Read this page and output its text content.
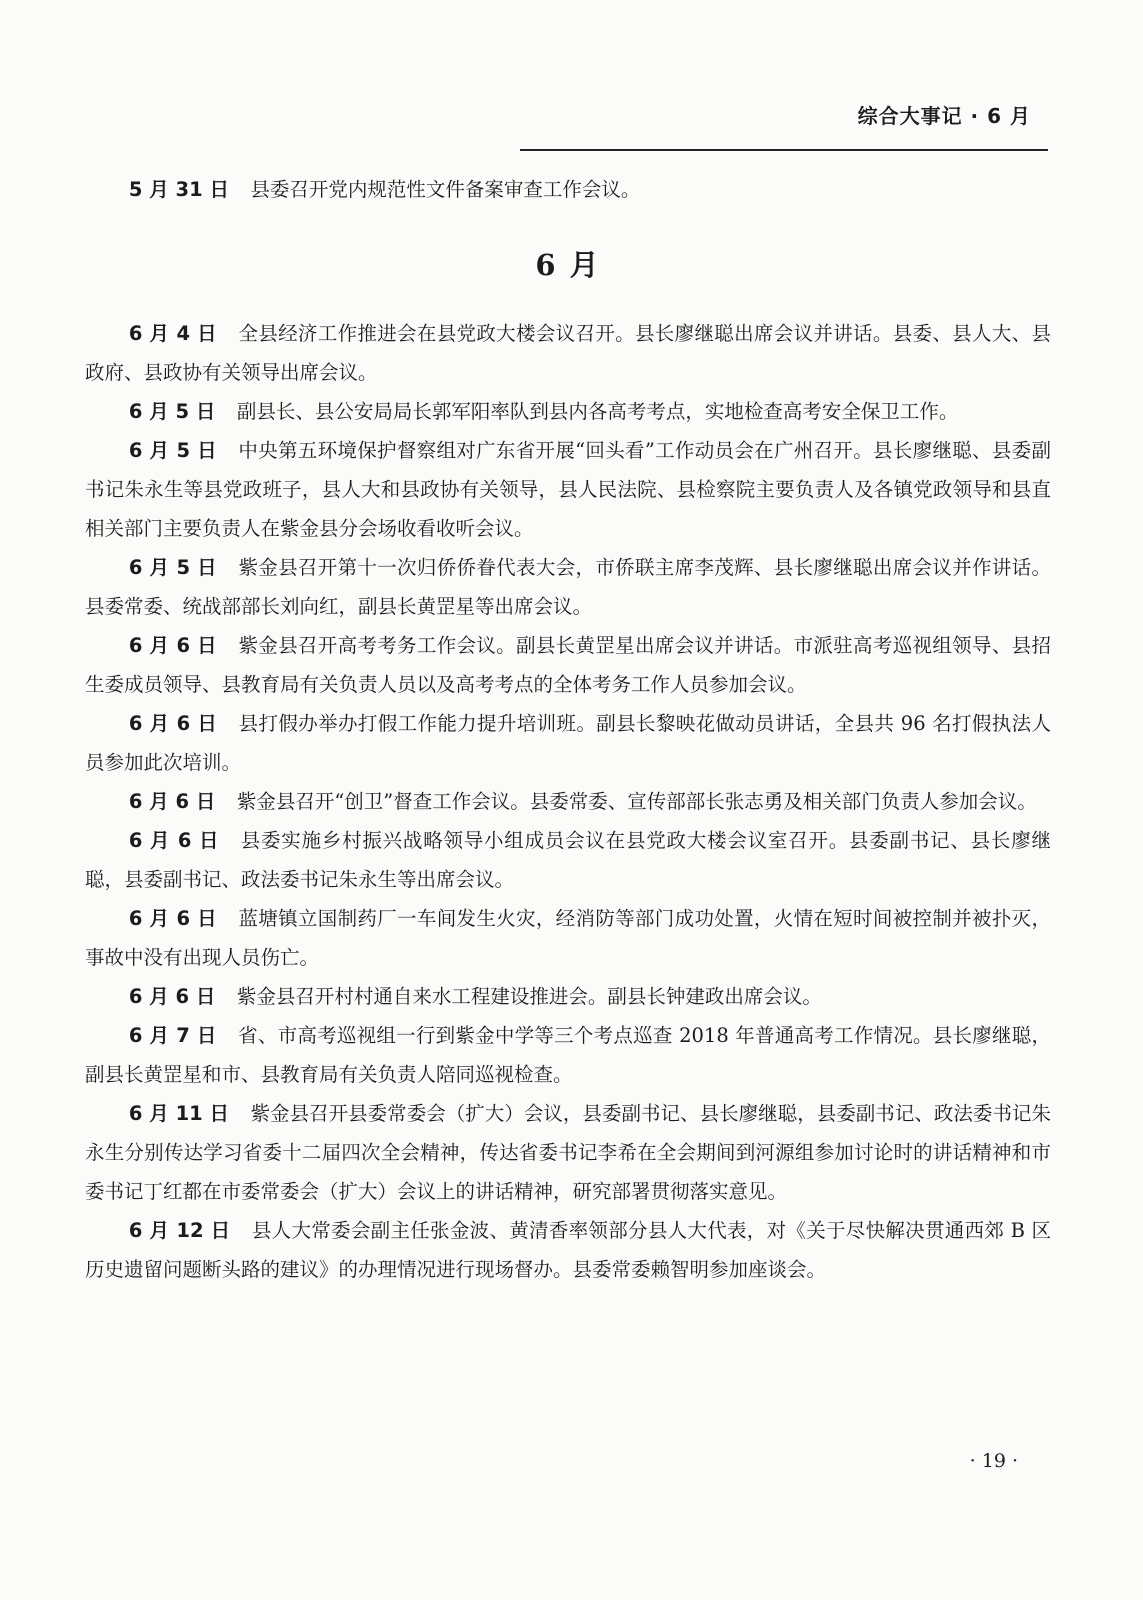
综合大事记 · 6 月

5 月 31 日 县委召开党内规范性文件备案审查工作会议。

6 月

6 月 4 日 全县经济工作推进会在县党政大楼会议召开。县长廖继聪出席会议并讲话。县委、县人大、县政府、县政协有关领导出席会议。

6 月 5 日 副县长、县公安局局长郭军阳率队到县内各高考考点，实地检查高考安全保卫工作。

6 月 5 日 中央第五环境保护督察组对广东省开展“回头看”工作动员会在广州召开。县长廖继聪、县委副书记朱永生等县党政班子，县人大和县政协有关领导，县人民法院、县检察院主要负责人及各镇党政领导和县直相关部门主要负责人在紫金县分会场收看收听会议。

6 月 5 日 紫金县召开第十一次归侨侨眷代表大会，市侨联主席李茂辉、县长廖继聪出席会议并作讲话。县委常委、统战部部长刘向红，副县长黄罡星等出席会议。

6 月 6 日 紫金县召开高考考务工作会议。副县长黄罡星出席会议并讲话。市派驻高考巡视组领导、县招生委成员领导、县教育局有关负责人员以及高考考点的全体考务工作人员参加会议。

6 月 6 日 县打假办举办打假工作能力提升培训班。副县长黎映花做动员讲话，全县共 96 名打假执法人员参加此次培训。

6 月 6 日 紫金县召开“创卫”督查工作会议。县委常委、宣传部部长张志勇及相关部门负责人参加会议。

6 月 6 日 县委实施乡村振兴战略领导小组成员会议在县党政大楼会议室召开。县委副书记、县长廖继聪，县委副书记、政法委书记朱永生等出席会议。

6 月 6 日 蓝塘镇立国制药厂一车间发生火灾，经消防等部门成功处置，火情在短时间被控制并被扑灭，事故中没有出现人员伤亡。

6 月 6 日 紫金县召开村村通自来水工程建设推进会。副县长钟建政出席会议。

6 月 7 日 省、市高考巡视组一行到紫金中学等三个考点巡查 2018 年普通高考工作情况。县长廖继聪，副县长黄罡星和市、县教育局有关负责人陪同巡视检查。

6 月 11 日 紫金县召开县委常委会（扩大）会议，县委副书记、县长廖继聪，县委副书记、政法委书记朱永生分别传达学习省委十二届四次全会精神，传达省委书记李希在全会期间到河源组参加讨论时的讲话精神和市委书记丁红都在市委常委会（扩大）会议上的讲话精神，研究部署贯彻落实意见。

6 月 12 日 县人大常委会副主任张金波、黄清香率领部分县人大代表，对《关于尽快解决贯通西郊 B 区历史遗留问题断头路的建议》的办理情况进行现场督办。县委常委赖智明参加座谈会。

· 19 ·
